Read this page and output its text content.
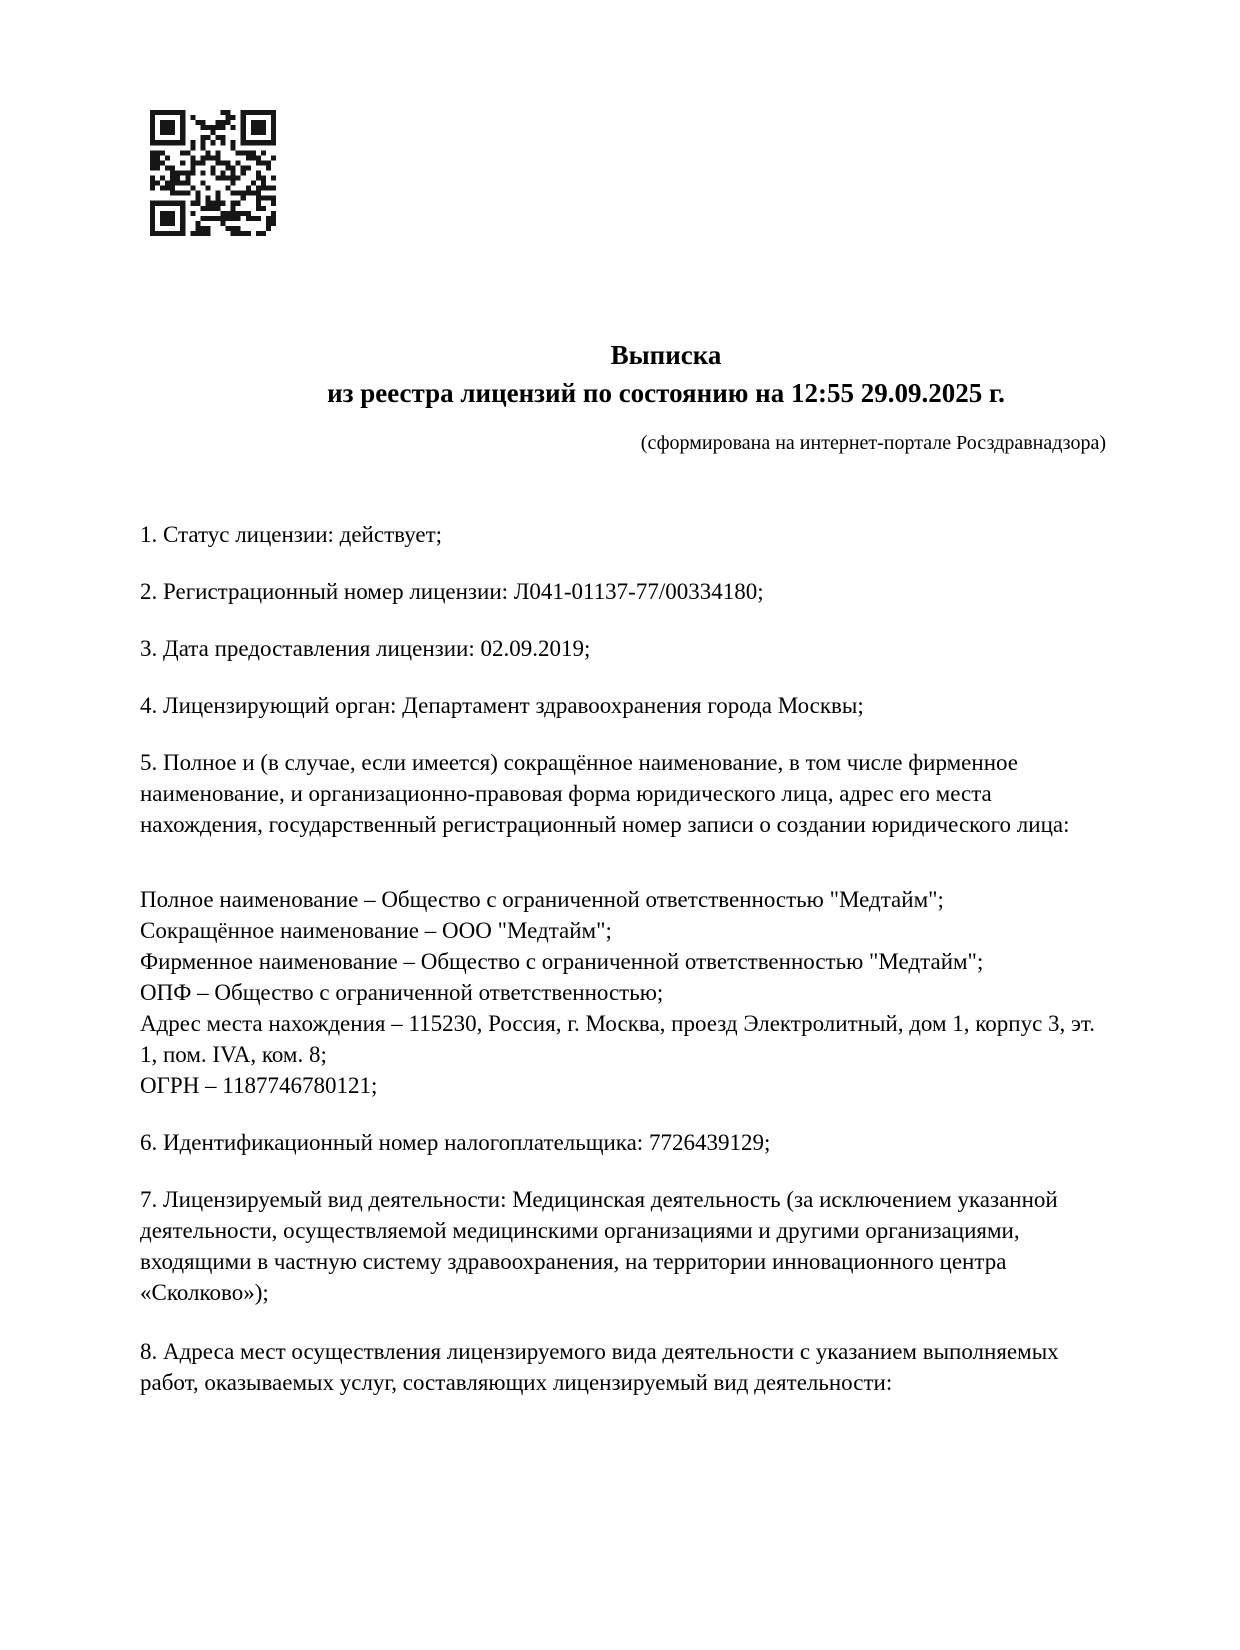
Выписка
из реестра лицензий по состоянию на 12:55 29.09.2025 г.
(сформирована на интернет-портале Росздравнадзора)
1. Статус лицензии: действует;
2. Регистрационный номер лицензии: Л041-01137-77/00334180;
3. Дата предоставления лицензии: 02.09.2019;
4. Лицензирующий орган: Департамент здравоохранения города Москвы;
5. Полное и (в случае, если имеется) сокращённое наименование, в том числе фирменное наименование, и организационно-правовая форма юридического лица, адрес его места нахождения, государственный регистрационный номер записи о создании юридического лица:
Полное наименование – Общество с ограниченной ответственностью "Медтайм";
Сокращённое наименование – ООО "Медтайм";
Фирменное наименование – Общество с ограниченной ответственностью "Медтайм";
ОПФ – Общество с ограниченной ответственностью;
Адрес места нахождения – 115230, Россия, г. Москва, проезд Электролитный, дом 1, корпус 3, эт. 1, пом. IVA, ком. 8;
ОГРН – 1187746780121;
6. Идентификационный номер налогоплательщика: 7726439129;
7. Лицензируемый вид деятельности: Медицинская деятельность (за исключением указанной деятельности, осуществляемой медицинскими организациями и другими организациями, входящими в частную систему здравоохранения, на территории инновационного центра «Сколково»);
8. Адреса мест осуществления лицензируемого вида деятельности с указанием выполняемых работ, оказываемых услуг, составляющих лицензируемый вид деятельности:
